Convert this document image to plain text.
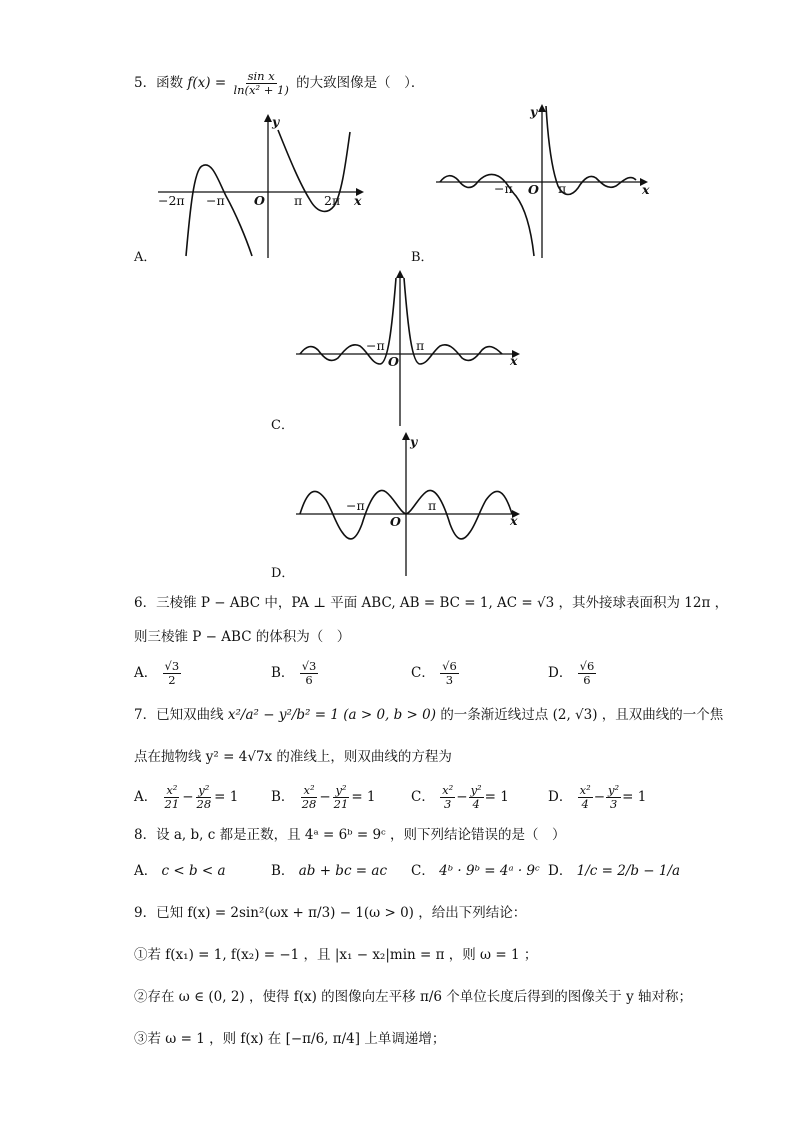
5．函数 $f(x) = \frac{\text{sin x}}{\text{ln(x² + 1)}}$ 的大致图像是（　）．
y
−2π −π O π 2π x
A．
y
−π O π	x
B．
−π
O
π
x
C．
y
−π
O
π
x
D．
6．三棱锥 P − ABC 中，PA ⊥ 平面 ABC, AB = BC = 1, AC = √3 ，其外接球表面积为 12π ，
则三棱锥 P − ABC 的体积为（　）
A． $\frac{√3}{2}$	B． $\frac{√3}{6}$	C． $\frac{√6}{3}$	D． $\frac{√6}{6}$
7．已知双曲线 x²/a² − y²/b² = 1 (a > 0, b > 0) 的一条渐近线过点 (2, √3) ，且双曲线的一个焦
点在抛物线 y² = 4√7x 的准线上，则双曲线的方程为
A． $\frac{\text{x²}}{21} - \frac{\text{y²}}{28} = 1$ B． $\frac{\text{x²}}{28} - \frac{\text{y²}}{21} = 1$	C． $\frac{\text{x²}}{3} - \frac{\text{y²}}{4} = 1$	D． $\frac{\text{x²}}{4} - \frac{\text{y²}}{3} = 1$
8．设 a, b, c 都是正数，且 4ᵃ = 6ᵇ = 9ᶜ ，则下列结论错误的是（　）
A． c < b < a	B． ab + bc = ac C． 4ᵇ · 9ᵇ = 4ᵃ · 9ᶜ D． 1/c = 2/b − 1/a
9．已知 f(x) = 2sin²(ωx + π/3) − 1(ω > 0) ，给出下列结论：
①若 f(x₁) = 1, f(x₂) = −1 ，且 |x₁ − x₂|min = π ，则 ω = 1 ；
②存在 ω ∈ (0, 2) ，使得 f(x) 的图像向左平移 π/6 个单位长度后得到的图像关于 y 轴对称；
③若 ω = 1 ，则 f(x) 在 [−π/6, π/4] 上单调递增；
